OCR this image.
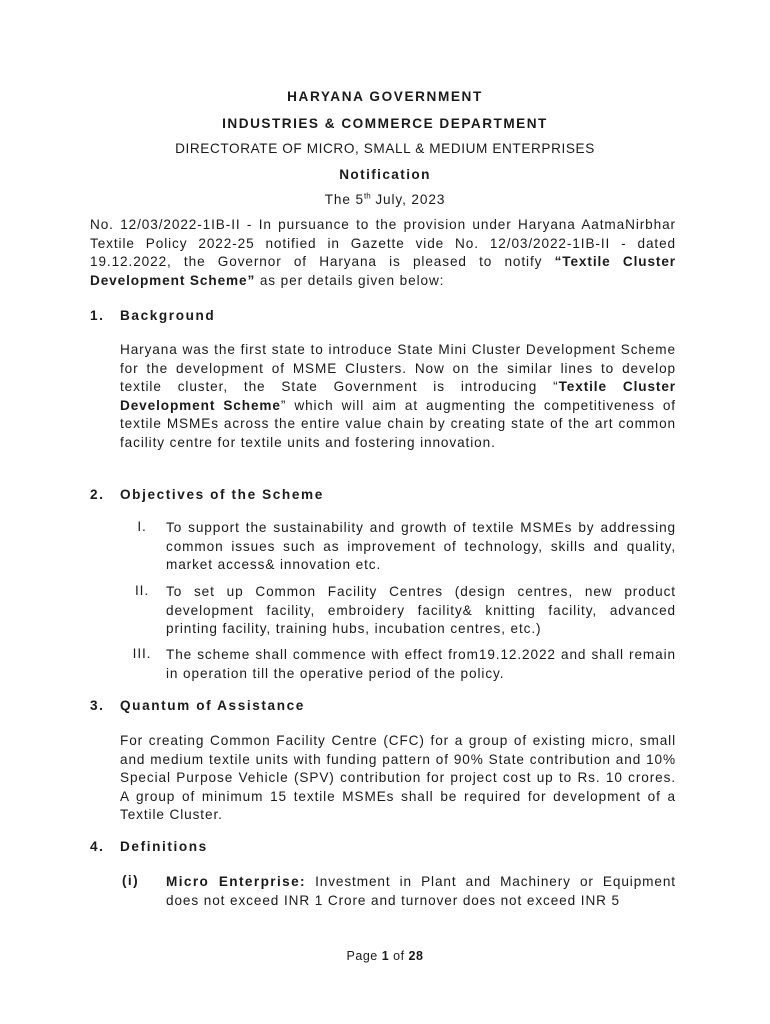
HARYANA GOVERNMENT
INDUSTRIES & COMMERCE DEPARTMENT
DIRECTORATE OF MICRO, SMALL & MEDIUM ENTERPRISES
Notification
The 5th July, 2023
No. 12/03/2022-1IB-II - In pursuance to the provision under Haryana AatmaNirbhar Textile Policy 2022-25 notified in Gazette vide No. 12/03/2022-1IB-II - dated 19.12.2022, the Governor of Haryana is pleased to notify “Textile Cluster Development Scheme” as per details given below:
1. Background
Haryana was the first state to introduce State Mini Cluster Development Scheme for the development of MSME Clusters. Now on the similar lines to develop textile cluster, the State Government is introducing “Textile Cluster Development Scheme” which will aim at augmenting the competitiveness of textile MSMEs across the entire value chain by creating state of the art common facility centre for textile units and fostering innovation.
2. Objectives of the Scheme
I.	To support the sustainability and growth of textile MSMEs by addressing common issues such as improvement of technology, skills and quality, market access& innovation etc.
II.	To set up Common Facility Centres (design centres, new product development facility, embroidery facility& knitting facility, advanced printing facility, training hubs, incubation centres, etc.)
III.	The scheme shall commence with effect from19.12.2022 and shall remain in operation till the operative period of the policy.
3. Quantum of Assistance
For creating Common Facility Centre (CFC) for a group of existing micro, small and medium textile units with funding pattern of 90% State contribution and 10% Special Purpose Vehicle (SPV) contribution for project cost up to Rs. 10 crores. A group of minimum 15 textile MSMEs shall be required for development of a Textile Cluster.
4. Definitions
(i) Micro Enterprise: Investment in Plant and Machinery or Equipment does not exceed INR 1 Crore and turnover does not exceed INR 5
Page 1 of 28
